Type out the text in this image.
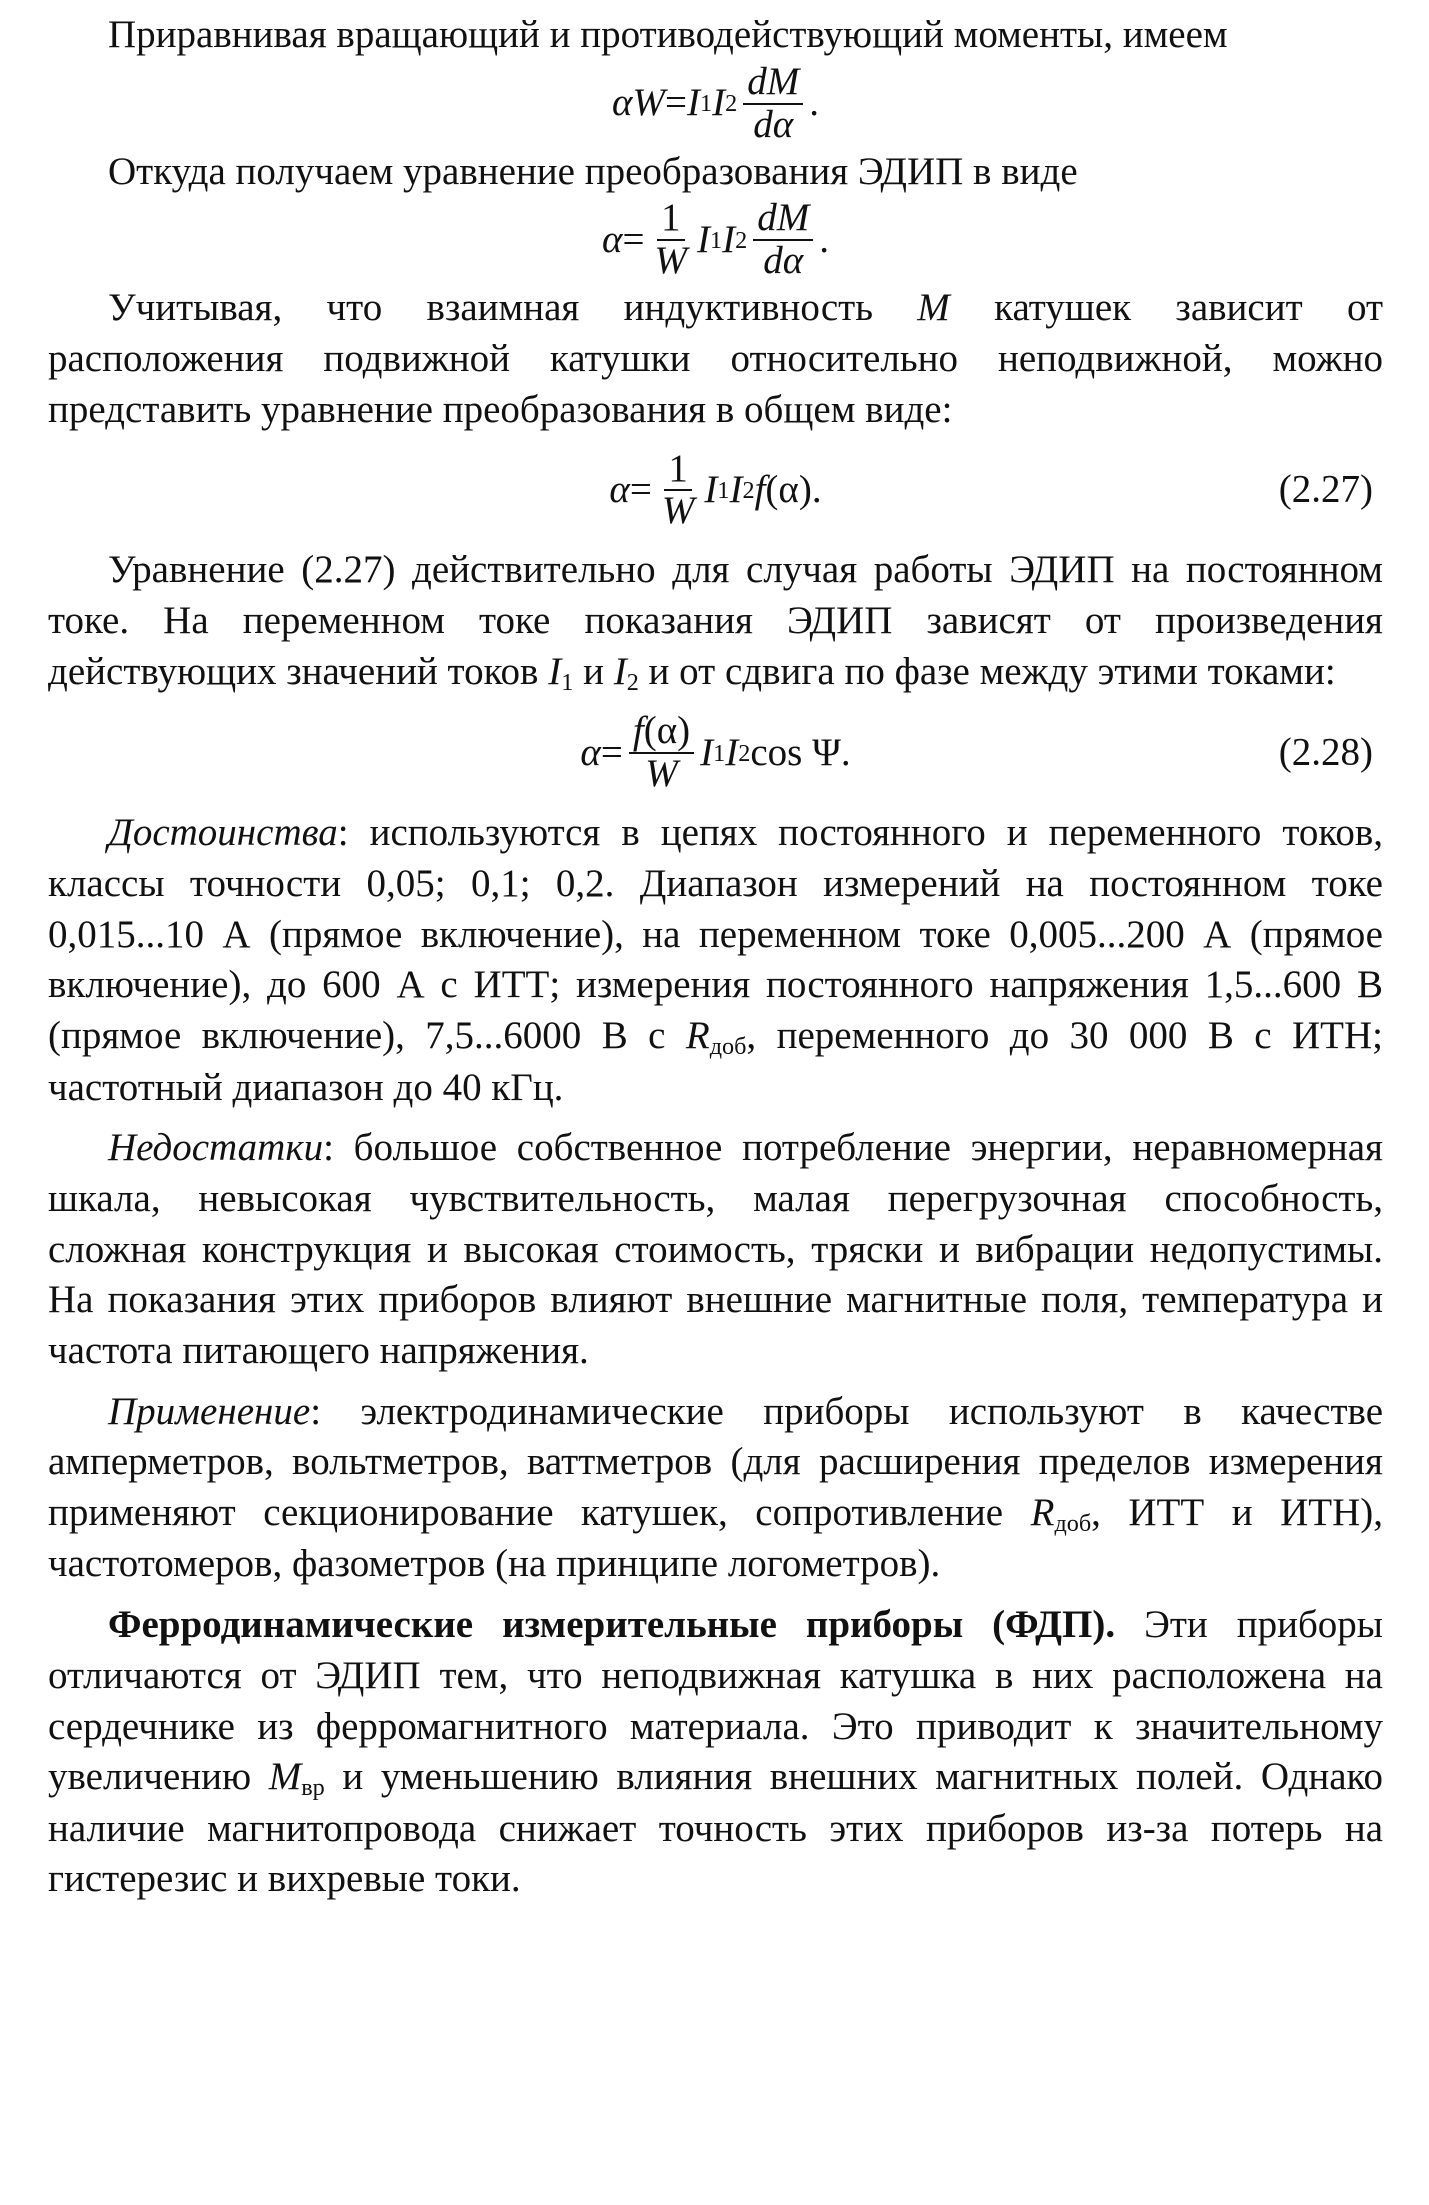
Приравнивая вращающий и противодействующий моменты, имеем

α W = I 1 I $2 \frac{dM}{d\alpha}$ .

Откуда получаем уравнение преобразования ЭДИП в виде

$\alpha = \frac{1}{W}$ I 1 I $2 \frac{dM}{d\alpha}$ .

Учитывая, что взаимная индуктивность M катушек зависит от расположения подвижной катушки относительно неподвижной, можно представить уравнение преобразования в общем виде:

$\alpha = \frac{1}{W}$ I 1 I 2 f (α) .	(2.27)

Уравнение (2.27) действительно для случая работы ЭДИП на постоянном токе. На переменном токе показания ЭДИП зависят от произведения действующих значений токов $I_1$ и $I_2$ и от сдвига по фазе между этими токами:

$\alpha = \frac{f(\alpha)}{W}$ I 1 I 2 cos Ψ.	(2.28)

Достоинства: используются в цепях постоянного и переменного токов, классы точности 0,05; 0,1; 0,2. Диапазон измерений на постоянном токе 0,015...10 А (прямое включение), на переменном токе 0,005...200 А (прямое включение), до 600 А с ИТТ; измерения постоянного напряжения 1,5...600 В (прямое включение), 7,5...6000 В с $R_{доб}$, переменного до 30 000 В с ИТН; частотный диапазон до 40 кГц.

Недостатки: большое собственное потребление энергии, неравномерная шкала, невысокая чувствительность, малая перегрузочная способность, сложная конструкция и высокая стоимость, тряски и вибрации недопустимы. На показания этих приборов влияют внешние магнитные поля, температура и частота питающего напряжения.

Применение: электродинамические приборы используют в качестве амперметров, вольтметров, ваттметров (для расширения пределов измерения применяют секционирование катушек, сопротивление $R_{доб}$, ИТТ и ИТН), частотомеров, фазометров (на принципе логометров).

Ферродинамические измерительные приборы (ФДП). Эти приборы отличаются от ЭДИП тем, что неподвижная катушка в них расположена на сердечнике из ферромагнитного материала. Это приводит к значительному увеличению $M_{вр}$ и уменьшению влияния внешних магнитных полей. Однако наличие магнитопровода снижает точность этих приборов из-за потерь на гистерезис и вихревые токи.
